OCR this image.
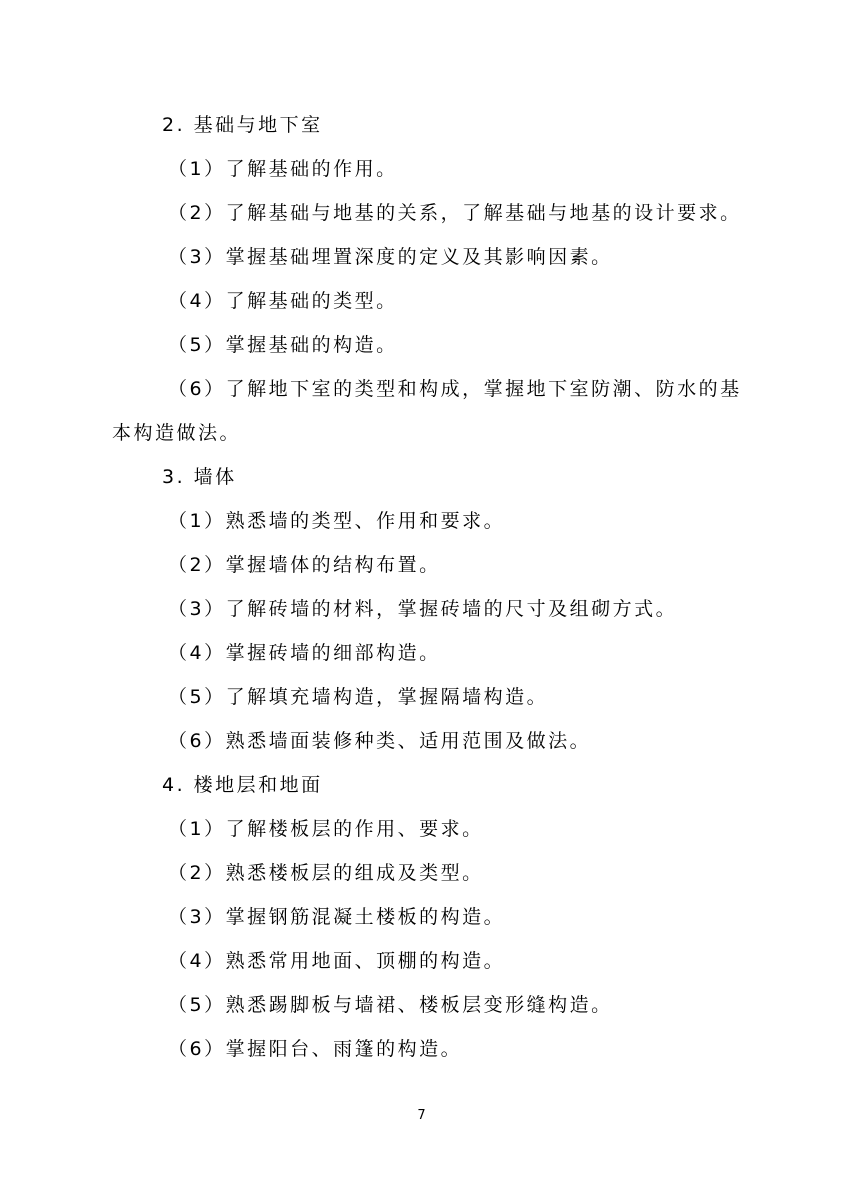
2. 基础与地下室
（1）了解基础的作用。
（2）了解基础与地基的关系，了解基础与地基的设计要求。
（3）掌握基础埋置深度的定义及其影响因素。
（4）了解基础的类型。
（5）掌握基础的构造。
（6）了解地下室的类型和构成，掌握地下室防潮、防水的基
本构造做法。
3. 墙体
（1）熟悉墙的类型、作用和要求。
（2）掌握墙体的结构布置。
（3）了解砖墙的材料，掌握砖墙的尺寸及组砌方式。
（4）掌握砖墙的细部构造。
（5）了解填充墙构造，掌握隔墙构造。
（6）熟悉墙面装修种类、适用范围及做法。
4. 楼地层和地面
（1）了解楼板层的作用、要求。
（2）熟悉楼板层的组成及类型。
（3）掌握钢筋混凝土楼板的构造。
（4）熟悉常用地面、顶棚的构造。
（5）熟悉踢脚板与墙裙、楼板层变形缝构造。
（6）掌握阳台、雨篷的构造。
7
